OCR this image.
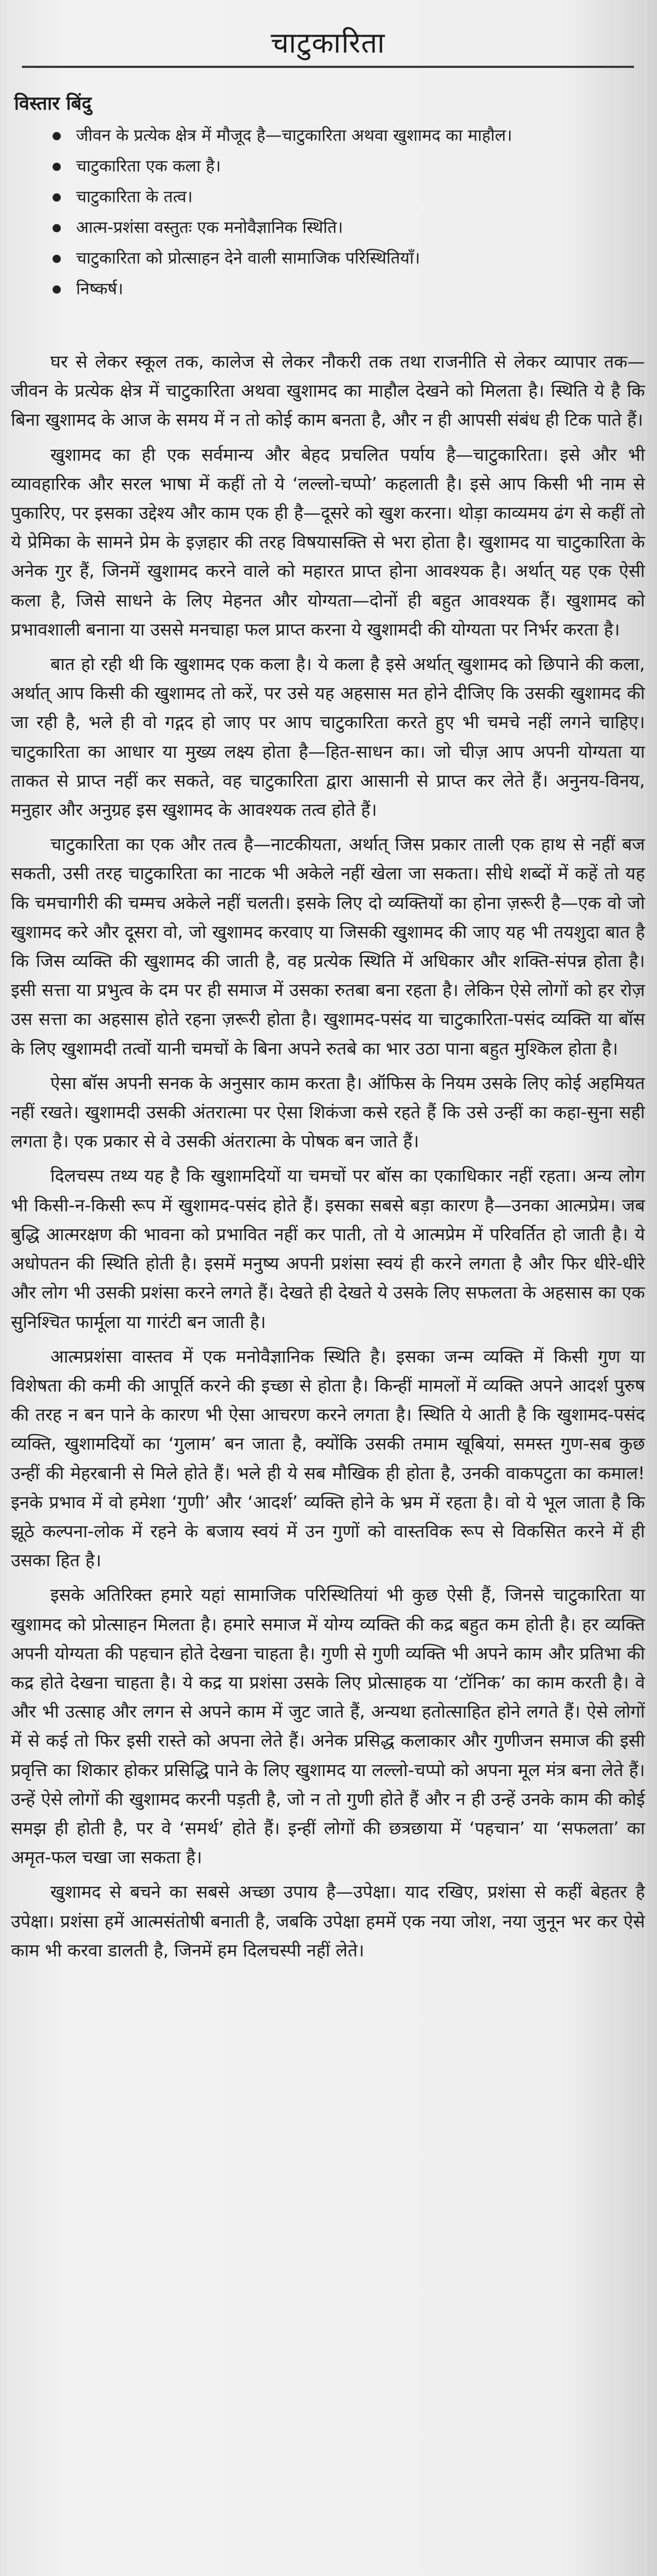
चाटुकारिता
विस्तार बिंदु
जीवन के प्रत्येक क्षेत्र में मौजूद है—चाटुकारिता अथवा खुशामद का माहौल।
चाटुकारिता एक कला है।
चाटुकारिता के तत्व।
आत्म-प्रशंसा वस्तुतः एक मनोवैज्ञानिक स्थिति।
चाटुकारिता को प्रोत्साहन देने वाली सामाजिक परिस्थितियाँ।
निष्कर्ष।

घर से लेकर स्कूल तक, कालेज से लेकर नौकरी तक तथा राजनीति से लेकर व्यापार तक—जीवन के प्रत्येक क्षेत्र में चाटुकारिता अथवा खुशामद का माहौल देखने को मिलता है। स्थिति ये है कि बिना खुशामद के आज के समय में न तो कोई काम बनता है, और न ही आपसी संबंध ही टिक पाते हैं।

खुशामद का ही एक सर्वमान्य और बेहद प्रचलित पर्याय है—चाटुकारिता। इसे और भी व्यावहारिक और सरल भाषा में कहीं तो ये ‘लल्लो-चप्पो’ कहलाती है। इसे आप किसी भी नाम से पुकारिए, पर इसका उद्देश्य और काम एक ही है—दूसरे को खुश करना। थोड़ा काव्यमय ढंग से कहीं तो ये प्रेमिका के सामने प्रेम के इज़हार की तरह विषयासक्ति से भरा होता है। खुशामद या चाटुकारिता के अनेक गुर हैं, जिनमें खुशामद करने वाले को महारत प्राप्त होना आवश्यक है। अर्थात् यह एक ऐसी कला है, जिसे साधने के लिए मेहनत और योग्यता—दोनों ही बहुत आवश्यक हैं। खुशामद को प्रभावशाली बनाना या उससे मनचाहा फल प्राप्त करना ये खुशामदी की योग्यता पर निर्भर करता है।

बात हो रही थी कि खुशामद एक कला है। ये कला है इसे अर्थात् खुशामद को छिपाने की कला, अर्थात् आप किसी की खुशामद तो करें, पर उसे यह अहसास मत होने दीजिए कि उसकी खुशामद की जा रही है, भले ही वो गद्गद हो जाए पर आप चाटुकारिता करते हुए भी चमचे नहीं लगने चाहिए। चाटुकारिता का आधार या मुख्य लक्ष्य होता है—हित-साधन का। जो चीज़ आप अपनी योग्यता या ताकत से प्राप्त नहीं कर सकते, वह चाटुकारिता द्वारा आसानी से प्राप्त कर लेते हैं। अनुनय-विनय, मनुहार और अनुग्रह इस खुशामद के आवश्यक तत्व होते हैं।

चाटुकारिता का एक और तत्व है—नाटकीयता, अर्थात् जिस प्रकार ताली एक हाथ से नहीं बज सकती, उसी तरह चाटुकारिता का नाटक भी अकेले नहीं खेला जा सकता। सीधे शब्दों में कहें तो यह कि चमचागीरी की चम्मच अकेले नहीं चलती। इसके लिए दो व्यक्तियों का होना ज़रूरी है—एक वो जो खुशामद करे और दूसरा वो, जो खुशामद करवाए या जिसकी खुशामद की जाए यह भी तयशुदा बात है कि जिस व्यक्ति की खुशामद की जाती है, वह प्रत्येक स्थिति में अधिकार और शक्ति-संपन्न होता है। इसी सत्ता या प्रभुत्व के दम पर ही समाज में उसका रुतबा बना रहता है। लेकिन ऐसे लोगों को हर रोज़ उस सत्ता का अहसास होते रहना ज़रूरी होता है। खुशामद-पसंद या चाटुकारिता-पसंद व्यक्ति या बॉस के लिए खुशामदी तत्वों यानी चमचों के बिना अपने रुतबे का भार उठा पाना बहुत मुश्किल होता है।

ऐसा बॉस अपनी सनक के अनुसार काम करता है। ऑफिस के नियम उसके लिए कोई अहमियत नहीं रखते। खुशामदी उसकी अंतरात्मा पर ऐसा शिकंजा कसे रहते हैं कि उसे उन्हीं का कहा-सुना सही लगता है। एक प्रकार से वे उसकी अंतरात्मा के पोषक बन जाते हैं।

दिलचस्प तथ्य यह है कि खुशामदियों या चमचों पर बॉस का एकाधिकार नहीं रहता। अन्य लोग भी किसी-न-किसी रूप में खुशामद-पसंद होते हैं। इसका सबसे बड़ा कारण है—उनका आत्मप्रेम। जब बुद्धि आत्मरक्षण की भावना को प्रभावित नहीं कर पाती, तो ये आत्मप्रेम में परिवर्तित हो जाती है। ये अधोपतन की स्थिति होती है। इसमें मनुष्य अपनी प्रशंसा स्वयं ही करने लगता है और फिर धीरे-धीरे और लोग भी उसकी प्रशंसा करने लगते हैं। देखते ही देखते ये उसके लिए सफलता के अहसास का एक सुनिश्चित फार्मूला या गारंटी बन जाती है।

आत्मप्रशंसा वास्तव में एक मनोवैज्ञानिक स्थिति है। इसका जन्म व्यक्ति में किसी गुण या विशेषता की कमी की आपूर्ति करने की इच्छा से होता है। किन्हीं मामलों में व्यक्ति अपने आदर्श पुरुष की तरह न बन पाने के कारण भी ऐसा आचरण करने लगता है। स्थिति ये आती है कि खुशामद-पसंद व्यक्ति, खुशामदियों का ‘गुलाम’ बन जाता है, क्योंकि उसकी तमाम खूबियां, समस्त गुण-सब कुछ उन्हीं की मेहरबानी से मिले होते हैं। भले ही ये सब मौखिक ही होता है, उनकी वाकपटुता का कमाल! इनके प्रभाव में वो हमेशा ‘गुणी’ और ‘आदर्श’ व्यक्ति होने के भ्रम में रहता है। वो ये भूल जाता है कि झूठे कल्पना-लोक में रहने के बजाय स्वयं में उन गुणों को वास्तविक रूप से विकसित करने में ही उसका हित है।

इसके अतिरिक्त हमारे यहां सामाजिक परिस्थितियां भी कुछ ऐसी हैं, जिनसे चाटुकारिता या खुशामद को प्रोत्साहन मिलता है। हमारे समाज में योग्य व्यक्ति की कद्र बहुत कम होती है। हर व्यक्ति अपनी योग्यता की पहचान होते देखना चाहता है। गुणी से गुणी व्यक्ति भी अपने काम और प्रतिभा की कद्र होते देखना चाहता है। ये कद्र या प्रशंसा उसके लिए प्रोत्साहक या ‘टॉनिक’ का काम करती है। वे और भी उत्साह और लगन से अपने काम में जुट जाते हैं, अन्यथा हतोत्साहित होने लगते हैं। ऐसे लोगों में से कई तो फिर इसी रास्ते को अपना लेते हैं। अनेक प्रसिद्ध कलाकार और गुणीजन समाज की इसी प्रवृत्ति का शिकार होकर प्रसिद्धि पाने के लिए खुशामद या लल्लो-चप्पो को अपना मूल मंत्र बना लेते हैं। उन्हें ऐसे लोगों की खुशामद करनी पड़ती है, जो न तो गुणी होते हैं और न ही उन्हें उनके काम की कोई समझ ही होती है, पर वे ‘समर्थ’ होते हैं। इन्हीं लोगों की छत्रछाया में ‘पहचान’ या ‘सफलता’ का अमृत-फल चखा जा सकता है।

खुशामद से बचने का सबसे अच्छा उपाय है—उपेक्षा। याद रखिए, प्रशंसा से कहीं बेहतर है उपेक्षा। प्रशंसा हमें आत्मसंतोषी बनाती है, जबकि उपेक्षा हममें एक नया जोश, नया जुनून भर कर ऐसे काम भी करवा डालती है, जिनमें हम दिलचस्पी नहीं लेते।
